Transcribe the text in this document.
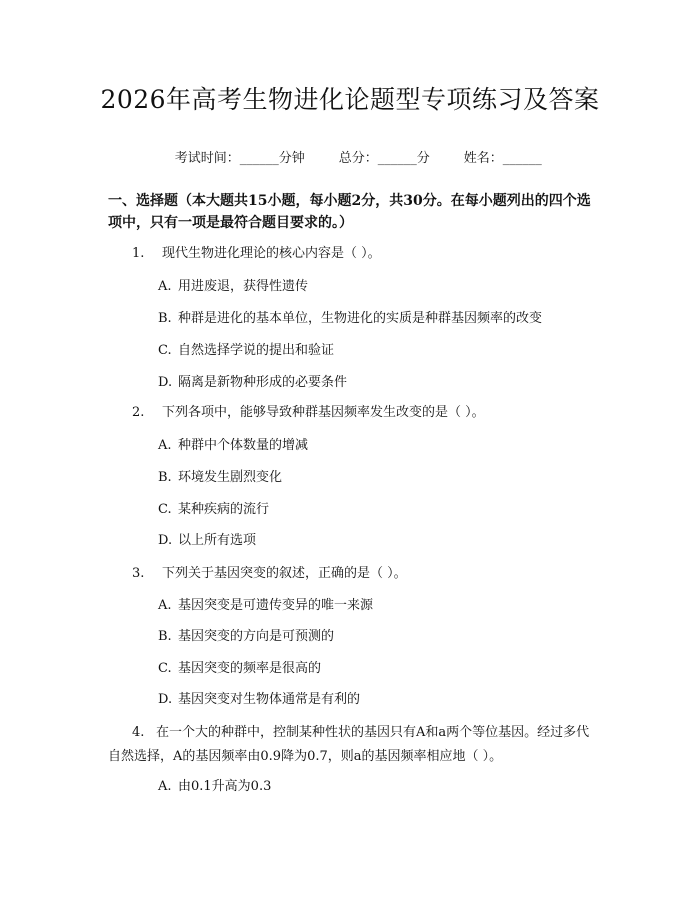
2026年高考生物进化论题型专项练习及答案

考试时间：______分钟	总分：______分	姓名：______

一、选择题（本大题共15小题，每小题2分，共30分。在每小题列出的四个选项中，只有一项是最符合题目要求的。）
1. 现代生物进化理论的核心内容是（ ）。
A. 用进废退，获得性遗传
B. 种群是进化的基本单位，生物进化的实质是种群基因频率的改变
C. 自然选择学说的提出和验证
D. 隔离是新物种形成的必要条件
2. 下列各项中，能够导致种群基因频率发生改变的是（ ）。
A. 种群中个体数量的增减
B. 环境发生剧烈变化
C. 某种疾病的流行
D. 以上所有选项
3. 下列关于基因突变的叙述，正确的是（ ）。
A. 基因突变是可遗传变异的唯一来源
B. 基因突变的方向是可预测的
C. 基因突变的频率是很高的
D. 基因突变对生物体通常是有利的
4. 在一个大的种群中，控制某种性状的基因只有A和a两个等位基因。经过多代自然选择，A的基因频率由0.9降为0.7，则a的基因频率相应地（ ）。
A. 由0.1升高为0.3
